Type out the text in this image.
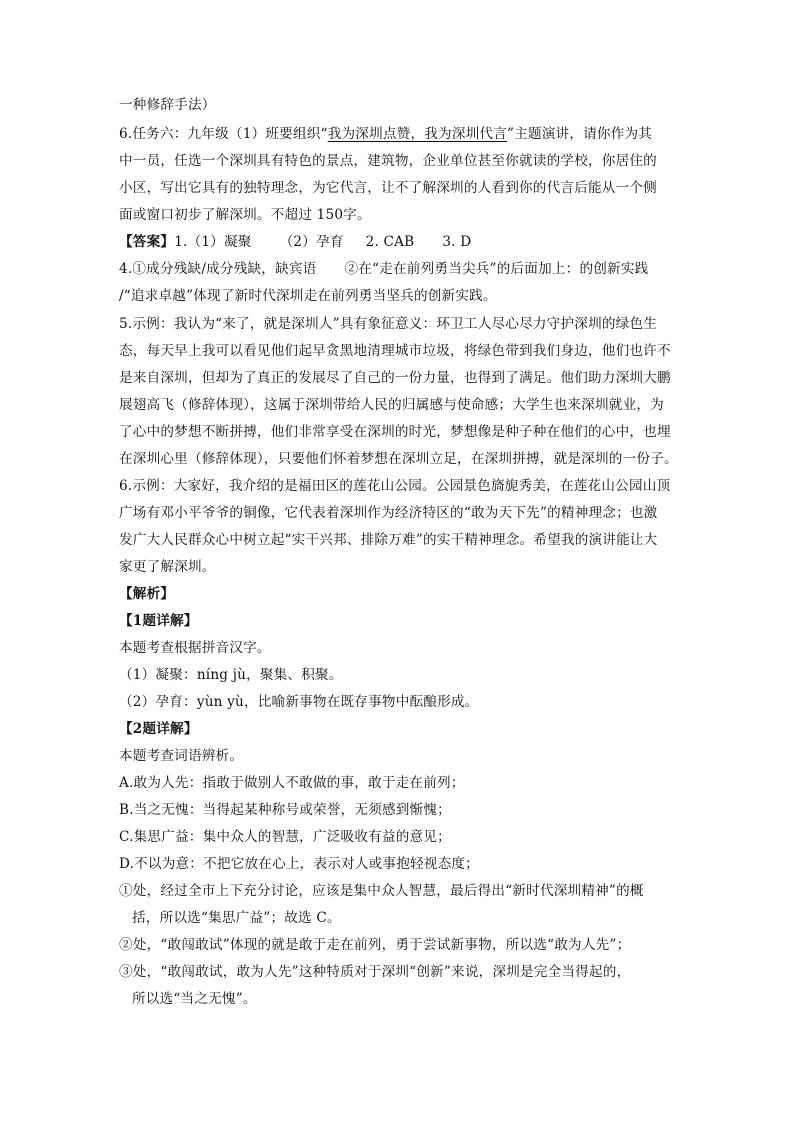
一种修辞手法）
6.任务六：九年级（1）班要组织“我为深圳点赞，我为深圳代言”主题演讲，请你作为其
中一员，任选一个深圳具有特色的景点，建筑物，企业单位甚至你就读的学校，你居住的
小区，写出它具有的独特理念，为它代言，让不了解深圳的人看到你的代言后能从一个侧
面或窗口初步了解深圳。不超过 150字。
【答案】1.（1）凝聚 （2）孕育 2. CAB 3. D
4.①成分残缺/成分残缺，缺宾语 ②在“走在前列勇当尖兵”的后面加上：的创新实践
/“追求卓越”体现了新时代深圳走在前列勇当坚兵的创新实践。
5.示例：我认为“来了，就是深圳人”具有象征意义：环卫工人尽心尽力守护深圳的绿色生
态，每天早上我可以看见他们起早贪黑地清理城市垃圾，将绿色带到我们身边，他们也许不
是来自深圳，但却为了真正的发展尽了自己的一份力量，也得到了满足。他们助力深圳大鹏
展翅高飞（修辞体现），这属于深圳带给人民的归属感与使命感；大学生也来深圳就业，为
了心中的梦想不断拼搏，他们非常享受在深圳的时光，梦想像是种子种在他们的心中，也埋
在深圳心里（修辞体现），只要他们怀着梦想在深圳立足，在深圳拼搏，就是深圳的一份子。
6.示例：大家好，我介绍的是福田区的莲花山公园。公园景色旖旎秀美，在莲花山公园山顶
广场有邓小平爷爷的铜像，它代表着深圳作为经济特区的“敢为天下先”的精神理念；也激
发广大人民群众心中树立起“实干兴邦、排除万难”的实干精神理念。希望我的演讲能让大
家更了解深圳。
【解析】
【1题详解】
本题考查根据拼音汉字。
（1）凝聚：níng jù，聚集、积聚。
（2）孕育：yùn yù，比喻新事物在既存事物中酝酿形成。
【2题详解】
本题考查词语辨析。
A.敢为人先：指敢于做别人不敢做的事，敢于走在前列；
B.当之无愧：当得起某种称号或荣誉，无须感到惭愧；
C.集思广益：集中众人的智慧，广泛吸收有益的意见；
D.不以为意：不把它放在心上，表示对人或事抱轻视态度；
①处，经过全市上下充分讨论，应该是集中众人智慧，最后得出“新时代深圳精神”的概
括，所以选“集思广益”；故选 C。
②处，“敢闯敢试”体现的就是敢于走在前列，勇于尝试新事物，所以选“敢为人先”；
③处，“敢闯敢试，敢为人先”这种特质对于深圳“创新”来说，深圳是完全当得起的，
所以选“当之无愧”。
